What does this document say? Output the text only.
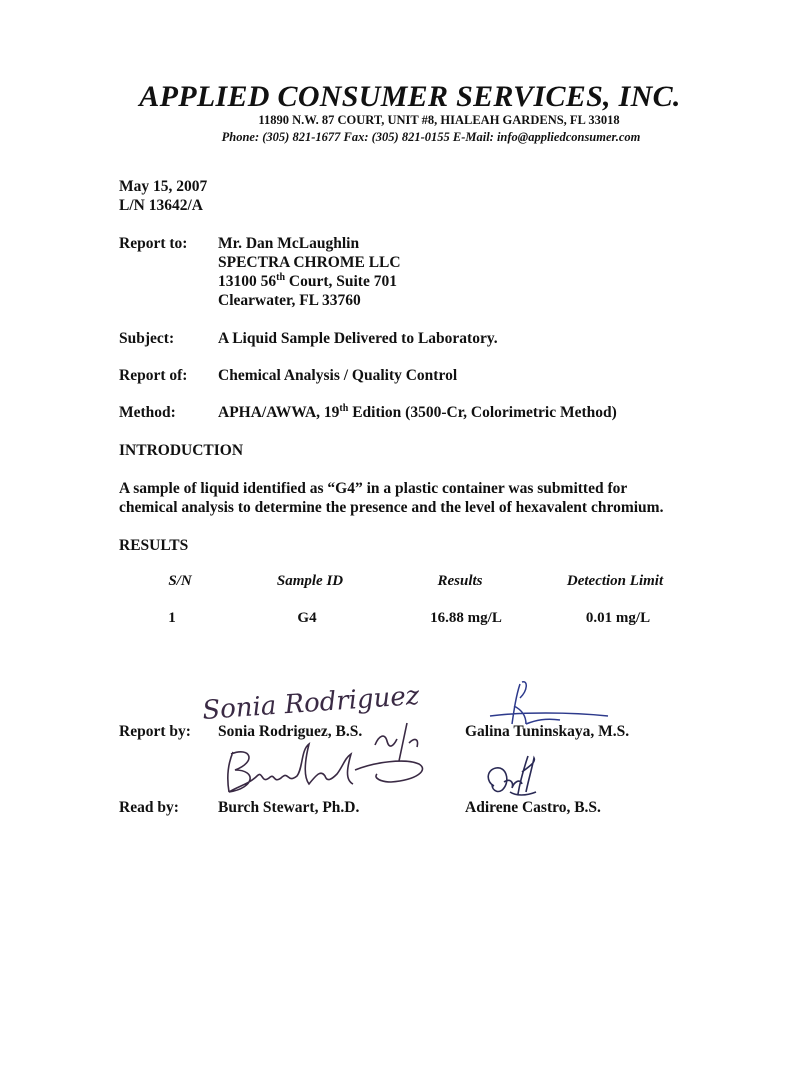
APPLIED CONSUMER SERVICES, INC.
11890 N.W. 87 COURT, UNIT #8, HIALEAH GARDENS, FL 33018
Phone: (305) 821-1677 Fax: (305) 821-0155 E-Mail: info@appliedconsumer.com
May 15, 2007
L/N 13642/A
Report to: Mr. Dan McLaughlin
SPECTRA CHROME LLC
13100 56th Court, Suite 701
Clearwater, FL 33760
Subject:	A Liquid Sample Delivered to Laboratory.
Report of: Chemical Analysis / Quality Control
Method:	APHA/AWWA, 19th Edition (3500-Cr, Colorimetric Method)
INTRODUCTION
A sample of liquid identified as “G4” in a plastic container was submitted for
chemical analysis to determine the presence and the level of hexavalent chromium.
RESULTS
S/N	Sample ID	Results	Detection Limit
1	G4	16.88 mg/L	0.01 mg/L
Sonia Rodriguez
Report by: Sonia Rodriguez, B.S.	Galina Tuninskaya, M.S.
Read by:	Burch Stewart, Ph.D.	Adirene Castro, B.S.
